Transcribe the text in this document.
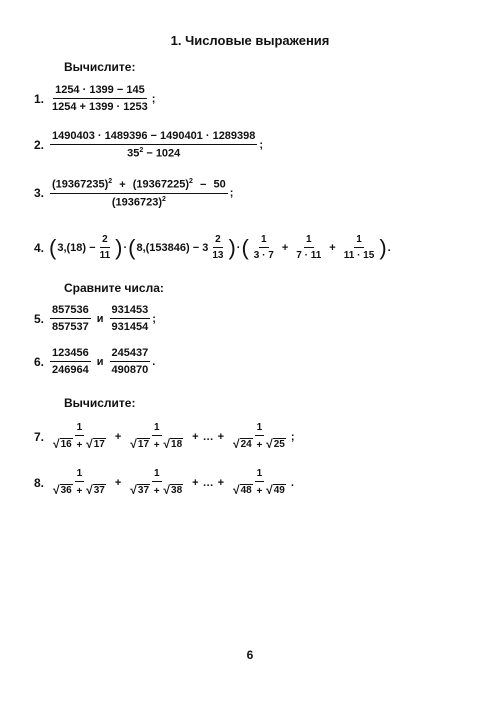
1. Числовые выражения
Вычислите:
1. $\frac{1254 \cdot 1399 - 145}{1254 + 1399 \cdot 1253}$ ;
2. $\frac{1490403 \cdot 1489396 - 1490401 \cdot 1289398}{35^2 - 1024}$ ;
3.
$(19367235)^2 + (19367225)^2 - 50$
$(1936723)^2$	;
4. ( $3,(18) - \frac{2}{11}$ ) · ( $8,(153846) - 3 \frac{2}{13}$ ) · ( $\frac{1}{3 \cdot 7} + \frac{1}{7 \cdot 11} + \frac{1}{11 \cdot 15}$ ) .
Сравните числа:
5. $\frac{857536}{857537}$ и $\frac{931453}{931454}$ ;
6. $\frac{123456}{246964}$ и $\frac{245437}{490870}$ .
Вычислите:
7. $\frac{1}{√ 16 + √ 17} + \frac{1}{√ 17 + √ 18}$ + … + $\frac{1}{√ 24 + √ 25}$ ;
8. $\frac{1}{√ 36 + √ 37} + \frac{1}{√ 37 + √ 38}$ + … + $\frac{1}{√ 48 + √ 49}$ .
6
